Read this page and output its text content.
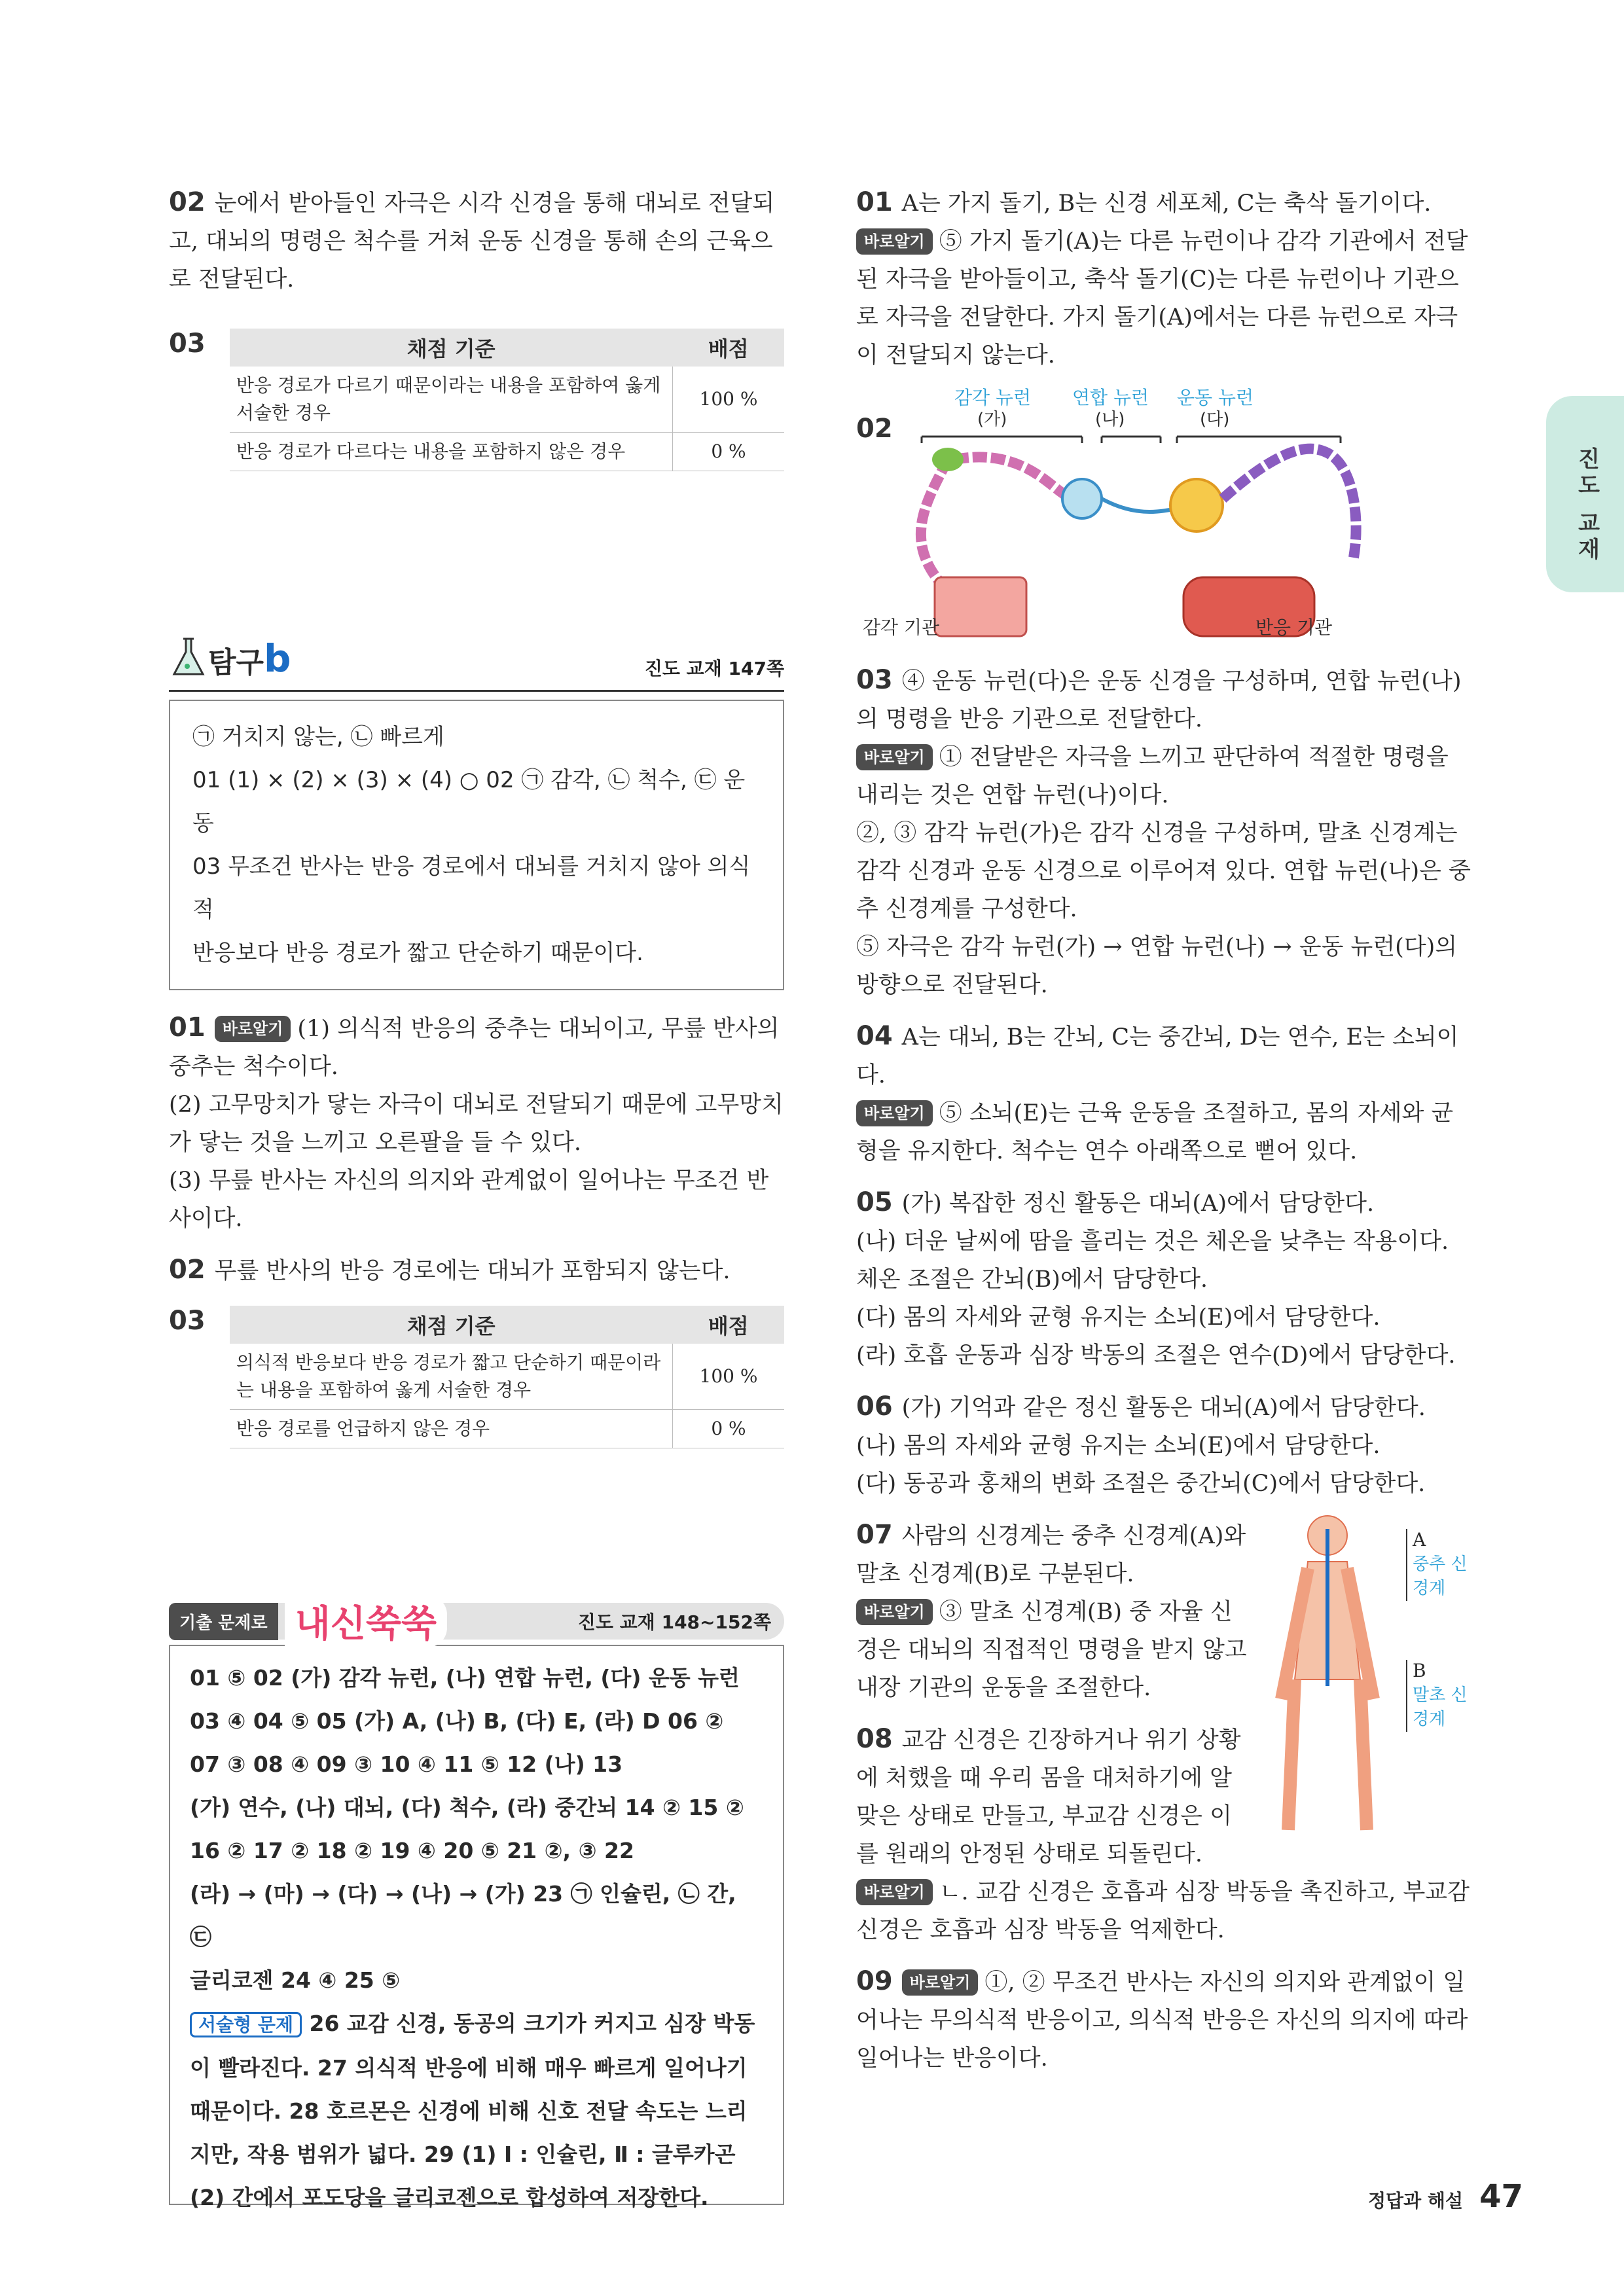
진도 교재

02 눈에서 받아들인 자극은 시각 신경을 통해 대뇌로 전달되고, 대뇌의 명령은 척수를 거쳐 운동 신경을 통해 손의 근육으로 전달된다.

03	채점 기준	배점
반응 경로가 다르기 때문이라는 내용을 포함하여 옳게 서술한 경우	100 %
반응 경로가 다르다는 내용을 포함하지 않은 경우	0 %
탐구 b	진도 교재 147쪽
㉠ 거치지 않는, ㉡ 빠르게
01 (1) × (2) × (3) × (4) ○ 02 ㉠ 감각, ㉡ 척수, ㉢ 운동
03 무조건 반사는 반응 경로에서 대뇌를 거치지 않아 의식적
반응보다 반응 경로가 짧고 단순하기 때문이다.

01 바로알기 (1) 의식적 반응의 중추는 대뇌이고, 무릎 반사의 중추는 척수이다.

(2) 고무망치가 닿는 자극이 대뇌로 전달되기 때문에 고무망치가 닿는 것을 느끼고 오른팔을 들 수 있다.

(3) 무릎 반사는 자신의 의지와 관계없이 일어나는 무조건 반사이다.

02 무릎 반사의 반응 경로에는 대뇌가 포함되지 않는다.

03	채점 기준	배점
의식적 반응보다 반응 경로가 짧고 단순하기 때문이라는 내용을 포함하여 옳게 서술한 경우	100 %
반응 경로를 언급하지 않은 경우	0 %
기출 문제로 내신쑥쑥	진도 교재 148~152쪽
01 ⑤ 02 (가) 감각 뉴런, (나) 연합 뉴런, (다) 운동 뉴런
03 ④ 04 ⑤ 05 (가) A, (나) B, (다) E, (라) D 06 ②
07 ③ 08 ④ 09 ③ 10 ④ 11 ⑤ 12 (나) 13
(가) 연수, (나) 대뇌, (다) 척수, (라) 중간뇌 14 ② 15 ②
16 ② 17 ② 18 ② 19 ④ 20 ⑤ 21 ②, ③ 22
(라) → (마) → (다) → (나) → (가) 23 ㉠ 인슐린, ㉡ 간, ㉢
글리코젠 24 ④ 25 ⑤
서술형 문제 26 교감 신경, 동공의 크기가 커지고 심장 박동
이 빨라진다. 27 의식적 반응에 비해 매우 빠르게 일어나기
때문이다. 28 호르몬은 신경에 비해 신호 전달 속도는 느리
지만, 작용 범위가 넓다. 29 (1) Ⅰ : 인슐린, Ⅱ : 글루카곤
(2) 간에서 포도당을 글리코젠으로 합성하여 저장한다.

01 A는 가지 돌기, B는 신경 세포체, C는 축삭 돌기이다.

바로알기 ⑤ 가지 돌기(A)는 다른 뉴런이나 감각 기관에서 전달된 자극을 받아들이고, 축삭 돌기(C)는 다른 뉴런이나 기관으로 자극을 전달한다. 가지 돌기(A)에서는 다른 뉴런으로 자극이 전달되지 않는다.

02
감각 뉴런
(가)
연합 뉴런
(나)
운동 뉴런
(다)
감각 기관	반응 기관

03 ④ 운동 뉴런(다)은 운동 신경을 구성하며, 연합 뉴런(나)의 명령을 반응 기관으로 전달한다.

바로알기 ① 전달받은 자극을 느끼고 판단하여 적절한 명령을 내리는 것은 연합 뉴런(나)이다.

②, ③ 감각 뉴런(가)은 감각 신경을 구성하며, 말초 신경계는 감각 신경과 운동 신경으로 이루어져 있다. 연합 뉴런(나)은 중추 신경계를 구성한다.

⑤ 자극은 감각 뉴런(가) → 연합 뉴런(나) → 운동 뉴런(다)의 방향으로 전달된다.

04 A는 대뇌, B는 간뇌, C는 중간뇌, D는 연수, E는 소뇌이다.

바로알기 ⑤ 소뇌(E)는 근육 운동을 조절하고, 몸의 자세와 균형을 유지한다. 척수는 연수 아래쪽으로 뻗어 있다.

05 (가) 복잡한 정신 활동은 대뇌(A)에서 담당한다.

(나) 더운 날씨에 땀을 흘리는 것은 체온을 낮추는 작용이다. 체온 조절은 간뇌(B)에서 담당한다.

(다) 몸의 자세와 균형 유지는 소뇌(E)에서 담당한다.

(라) 호흡 운동과 심장 박동의 조절은 연수(D)에서 담당한다.

06 (가) 기억과 같은 정신 활동은 대뇌(A)에서 담당한다.

(나) 몸의 자세와 균형 유지는 소뇌(E)에서 담당한다.

(다) 동공과 홍채의 변화 조절은 중간뇌(C)에서 담당한다.

07 사람의 신경계는 중추 신경계(A)와 말초 신경계(B)로 구분된다.

바로알기 ③ 말초 신경계(B) 중 자율 신경은 대뇌의 직접적인 명령을 받지 않고 내장 기관의 운동을 조절한다.

08 교감 신경은 긴장하거나 위기 상황에 처했을 때 우리 몸을 대처하기에 알맞은 상태로 만들고, 부교감 신경은 이를 원래의 안정된 상태로 되돌린다.

A
중추 신경계
B
말초 신경계

바로알기 ㄴ. 교감 신경은 호흡과 심장 박동을 촉진하고, 부교감 신경은 호흡과 심장 박동을 억제한다.

09 바로알기 ①, ② 무조건 반사는 자신의 의지와 관계없이 일어나는 무의식적 반응이고, 의식적 반응은 자신의 의지에 따라 일어나는 반응이다.

정답과 해설 47
